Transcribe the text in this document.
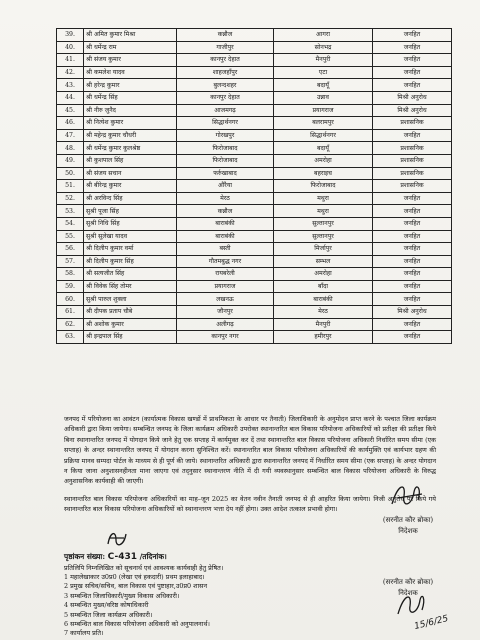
39.	श्री अमित कुमार मिश्रा	कन्नौज	आगरा	जनहित
40.	श्री धर्मेन्द्र राम	गाजीपुर	सोनभद्र	जनहित
41.	श्री संजय कुमार	कानपुर देहात	मैनपुरी	जनहित
42.	श्री कमलेश यादव	शाहजहाँपुर	एटा	जनहित
43.	श्री हरेन्द्र कुमार	बुलन्दशहर	बदायूँ	जनहित
44.	श्री धर्मेन्द्र सिंह	कानपुर देहात	उन्नाव	मिश्री अनुरोध
45.	श्री नीरु जुनैद	आजमगढ़	प्रयागराज	मिश्री अनुरोध
46.	श्री नित्येश कुमार	सिद्धार्थनगर	बलरामपुर	प्रशासनिक
47.	श्री महेन्द्र कुमार चौधरी	गोरखपुर	सिद्धार्थनगर	जनहित
48.	श्री धर्मेन्द्र कुमार कुलश्रेष्ठ	फिरोजाबाद	बदायूँ	प्रशासनिक
49.	श्री कुशपाल सिंह	फिरोजाबाद	अमरोहा	प्रशासनिक
50.	श्री संजय सचान	फर्रुखाबाद	बहराइच	प्रशासनिक
51.	श्री बीरेन्द्र कुमार	औरैया	फिरोजाबाद	प्रशासनिक
52.	श्री अरविन्द सिंह	मेरठ	मथुरा	जनहित
53.	सुश्री पूजा सिंह	कन्नौज	मथुरा	जनहित
54.	सुश्री निधि सिंह	बाराबंकी	सुल्तानपुर	जनहित
55.	सुश्री सुलेखा यादव	बाराबंकी	सुल्तानपुर	जनहित
56.	श्री दिलीप कुमार वर्मा	बस्ती	मिर्जापुर	जनहित
57.	श्री दिलीप कुमार सिंह	गौतमबुद्ध नगर	सम्भल	जनहित
58.	श्री सत्यजीत सिंह	रायबरेली	अमरोहा	जनहित
59.	श्री विवेक सिंह तोमर	प्रयागराज	बाँदा	जनहित
60.	सुश्री पारुल शुक्ला	लखनऊ	बाराबंकी	जनहित
61.	श्री दीपक प्रताप चौबे	जौनपुर	मेरठ	मिश्री अनुरोध
62.	श्री अशोक कुमार	अलीगढ़	मैनपुरी	जनहित
63.	श्री इन्द्रपाल सिंह	कानपुर नगर	हमीरपुर	जनहित
जनपद में परियोजना का आवंटन (कार्यात्मक विकास खण्डों में प्राथमिकता के आधार पर तैनाती) जिलाधिकारी के अनुमोदन प्राप्त करने के पश्चात जिला कार्यक्रम अधिकारी द्वारा किया जायेगा। सम्बन्धित जनपद के जिला कार्यक्रम अधिकारी उपरोक्त स्थानान्तरित बाल विकास परियोजना अधिकारियों को प्रतीक्षा की प्रतीक्षा किये बिना स्थानान्तरित जनपद में योगदान किये जाने हेतु एक सप्ताह में कार्यमुक्त कर दें तथा स्थानान्तरित बाल विकास परियोजना अधिकारी निर्धारित समय सीमा (एक सप्ताह) के अन्दर स्थानान्तरित जनपद में योगदान करना सुनिश्चित करें। स्थानान्तरित बाल विकास परियोजना अधिकारियों की कार्यमुक्ति एवं कार्यभार ग्रहण की प्रक्रिया मानव सम्पदा पोर्टल के माध्यम से ही पूर्ण की जाये। स्थानान्तरित अधिकारी द्वारा स्थानान्तरित जनपद में निर्धारित समय सीमा (एक सप्ताह) के अन्दर योगदान न किया जाना अनुशासनहीनता माना जाएगा एवं तद्नुसार स्थानान्तरण नीति में दी गयी व्यवस्थानुसार सम्बन्धित बाल विकास परियोजना अधिकारी के विरुद्ध अनुशासनिक कार्यवाही की जाएगी।
स्थानान्तरित बाल विकास परियोजना अधिकारियों का माह–जून 2025 का वेतन नवीन तैनाती जनपद से ही आहरित किया जायेगा। निजी अनुरोध पर किये गये स्थानान्तरित बाल विकास परियोजना अधिकारियों को स्थानान्तरण भत्ता देय नहीं होगा। उक्त आदेश तत्काल प्रभावी होगा।
(सरनीत कौर ब्रोका)
निदेशक
पृष्ठांकन संख्या: C-431 /तदिनांक।
प्रतिलिपि निम्नलिखित को सूचनार्थ एवं आवश्यक कार्यवाही हेतु प्रेषित।
1 महालेखाकार उ0प्र0 (लेखा एवं हकदारी) प्रथम इलाहाबाद।
2 प्रमुख सचिव/सचिव, बाल विकास एवं पुष्टाहार,उ0प्र0 शासन
3 सम्बन्धित जिलाधिकारी/मुख्य विकास अधिकारी।
4 सम्बन्धित मुख्य/वरिष्ठ कोषाधिकारी
5 सम्बन्धित जिला कार्यक्रम अधिकारी।
6 सम्बन्धित बाल विकास परियोजना अधिकारी को अनुपालनार्थ।
7 कार्यालय प्रति।
(सरनीत कौर ब्रोका)
निदेशक
15/6/25
